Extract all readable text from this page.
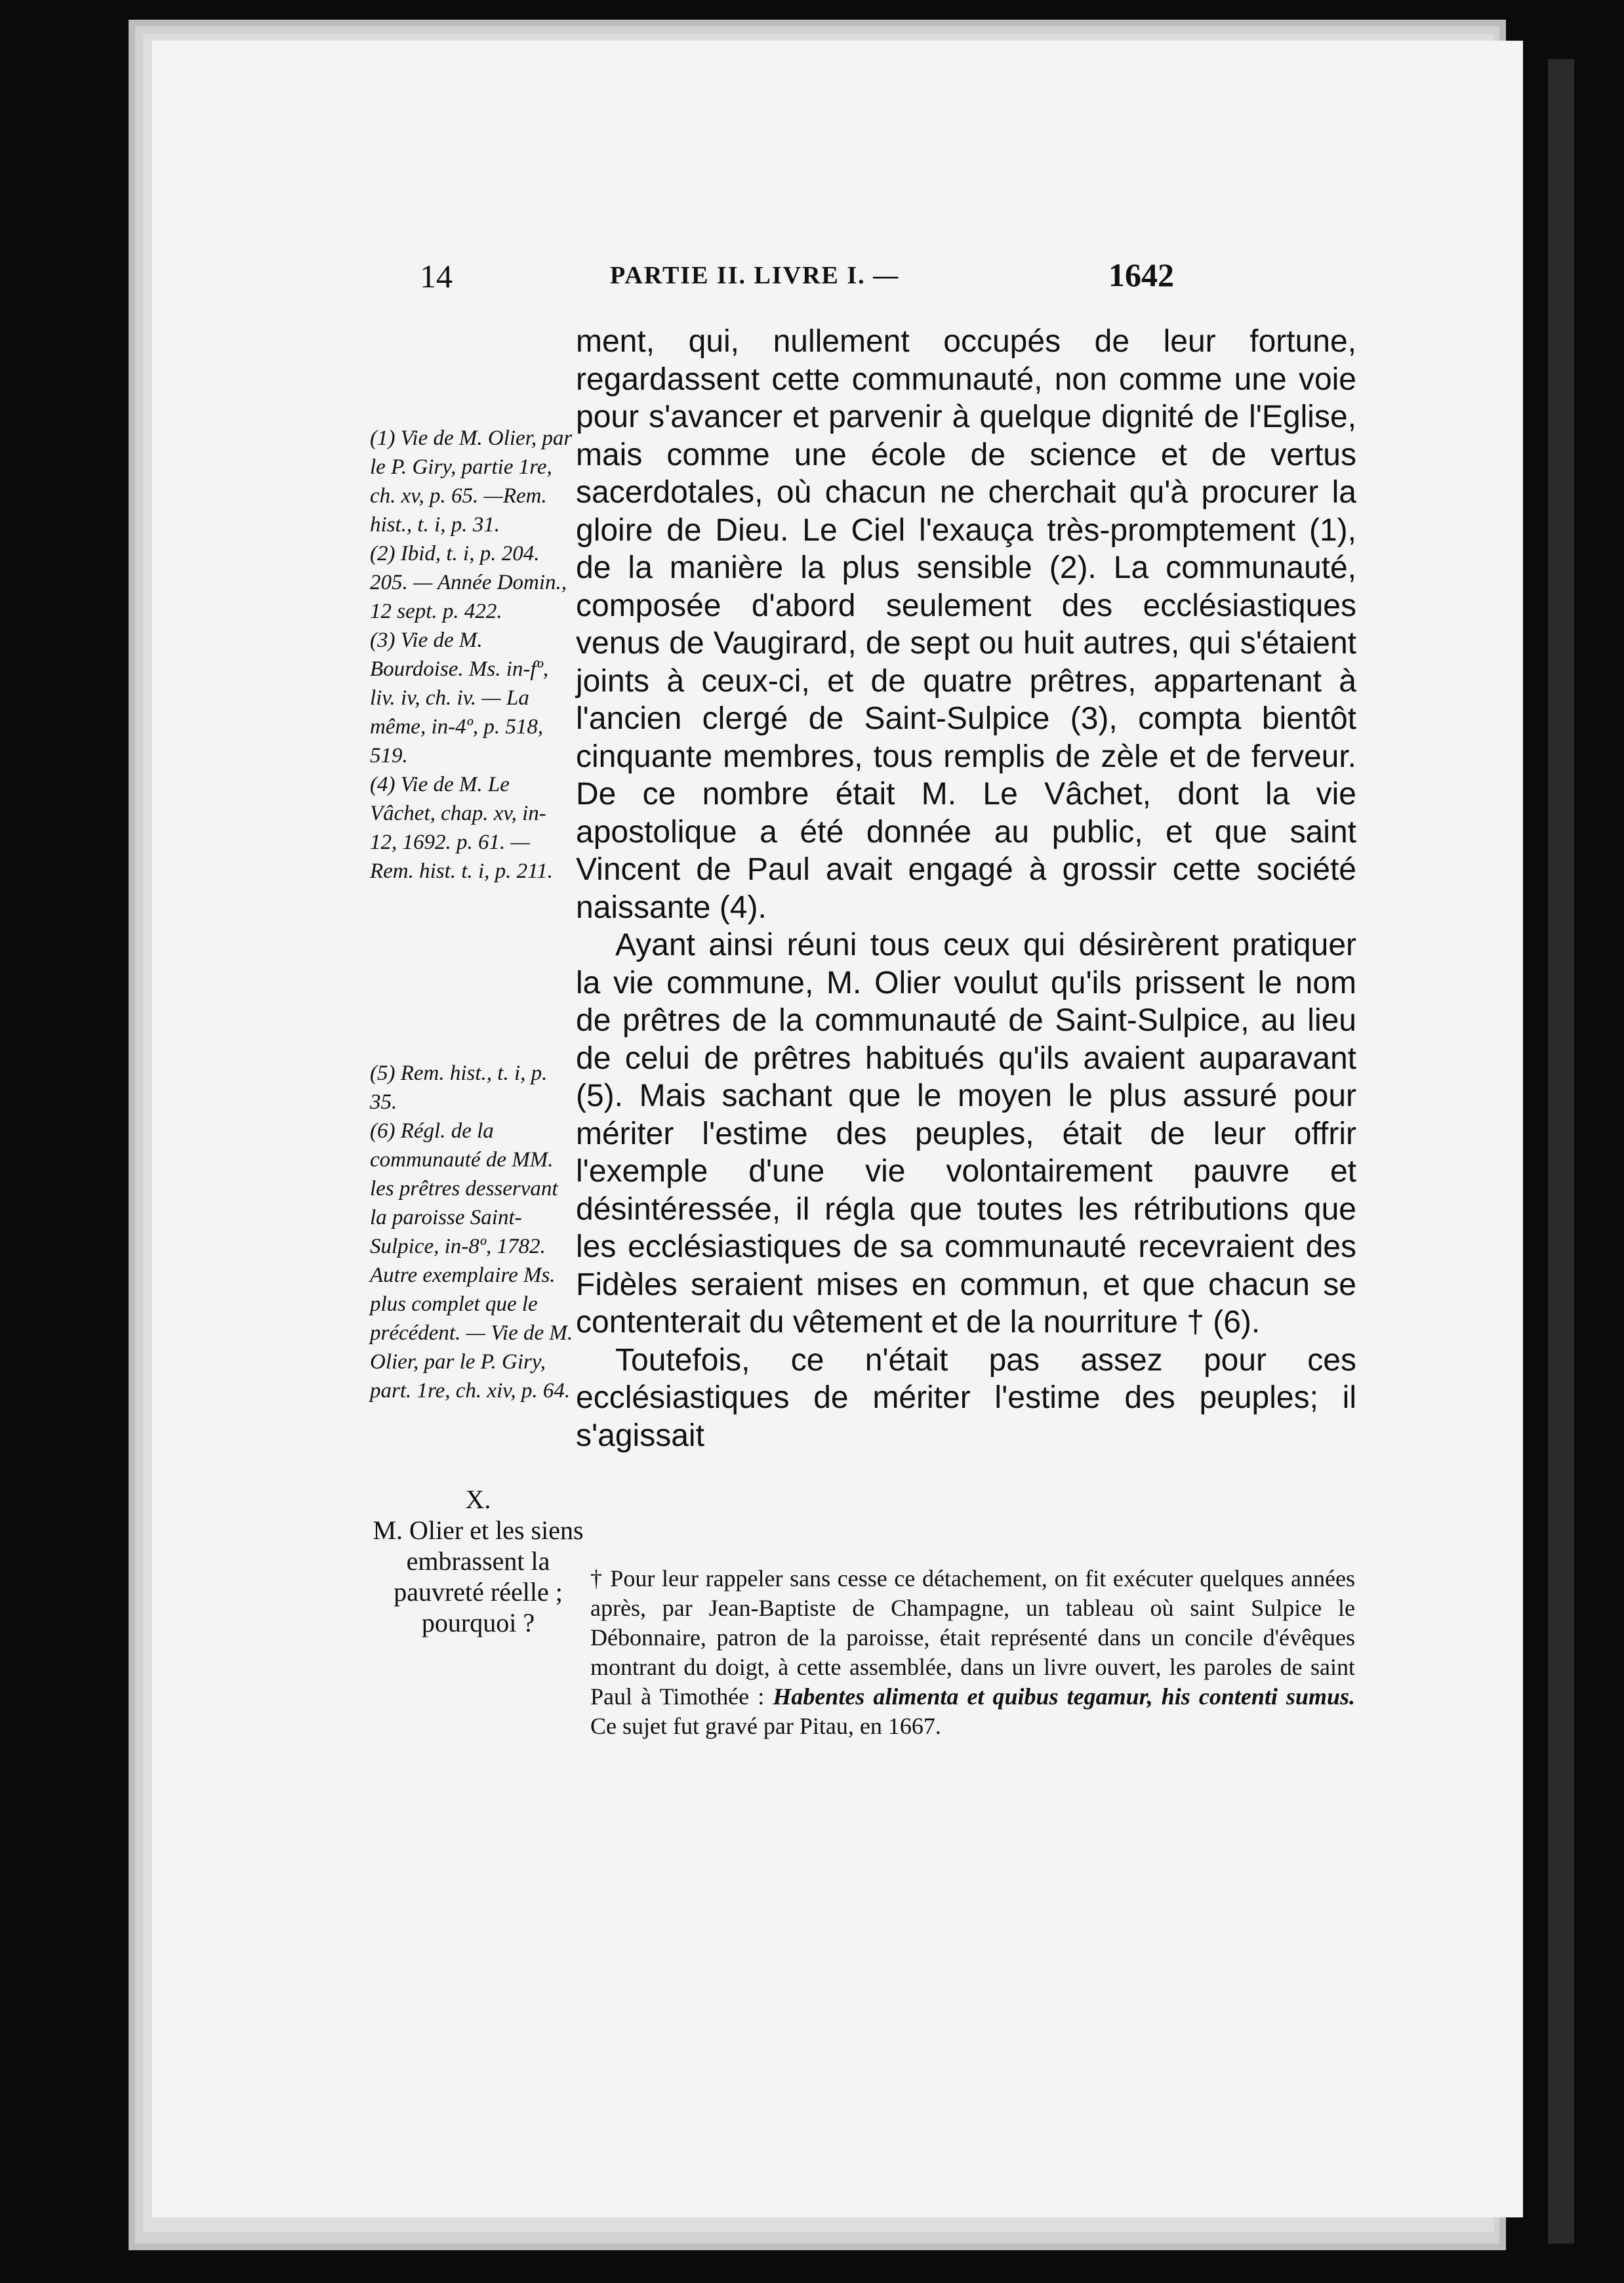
14	PARTIE II. LIVRE I. —	1642

(1) Vie de M. Olier, par le P. Giry, partie 1re, ch. xv, p. 65. —Rem. hist., t. i, p. 31.

(2) Ibid, t. i, p. 204. 205. — Année Domin., 12 sept. p. 422.

(3) Vie de M. Bourdoise. Ms. in-fº, liv. iv, ch. iv. — La même, in-4º, p. 518, 519.

(4) Vie de M. Le Vâchet, chap. xv, in-12, 1692. p. 61. — Rem. hist. t. i, p. 211.

(5) Rem. hist., t. i, p. 35.

(6) Régl. de la communauté de MM. les prêtres desservant la paroisse Saint-Sulpice, in-8º, 1782. Autre exemplaire Ms. plus complet que le précédent. — Vie de M. Olier, par le P. Giry, part. 1re, ch. xiv, p. 64.

X.
M. Olier et les siens embrassent la pauvreté réelle ; pourquoi ?

ment, qui, nullement occupés de leur fortune, regardassent cette communauté, non comme une voie pour s'avancer et parvenir à quelque dignité de l'Eglise, mais comme une école de science et de vertus sacerdotales, où chacun ne cherchait qu'à procurer la gloire de Dieu. Le Ciel l'exauça très-promptement (1), de la manière la plus sensible (2). La communauté, composée d'abord seulement des ecclésiastiques venus de Vaugirard, de sept ou huit autres, qui s'étaient joints à ceux-ci, et de quatre prêtres, appartenant à l'ancien clergé de Saint-Sulpice (3), compta bientôt cinquante membres, tous remplis de zèle et de ferveur. De ce nombre était M. Le Vâchet, dont la vie apostolique a été donnée au public, et que saint Vincent de Paul avait engagé à grossir cette société naissante (4).

Ayant ainsi réuni tous ceux qui désirèrent pratiquer la vie commune, M. Olier voulut qu'ils prissent le nom de prêtres de la communauté de Saint-Sulpice, au lieu de celui de prêtres habitués qu'ils avaient auparavant (5). Mais sachant que le moyen le plus assuré pour mériter l'estime des peuples, était de leur offrir l'exemple d'une vie volontairement pauvre et désintéressée, il régla que toutes les rétributions que les ecclésiastiques de sa communauté recevraient des Fidèles seraient mises en commun, et que chacun se contenterait du vêtement et de la nourriture † (6).

Toutefois, ce n'était pas assez pour ces ecclésiastiques de mériter l'estime des peuples; il s'agissait

† Pour leur rappeler sans cesse ce détachement, on fit exécuter quelques années après, par Jean-Baptiste de Champagne, un tableau où saint Sulpice le Débonnaire, patron de la paroisse, était représenté dans un concile d'évêques montrant du doigt, à cette assemblée, dans un livre ouvert, les paroles de saint Paul à Timothée : Habentes alimenta et quibus tegamur, his contenti sumus. Ce sujet fut gravé par Pitau, en 1667.
